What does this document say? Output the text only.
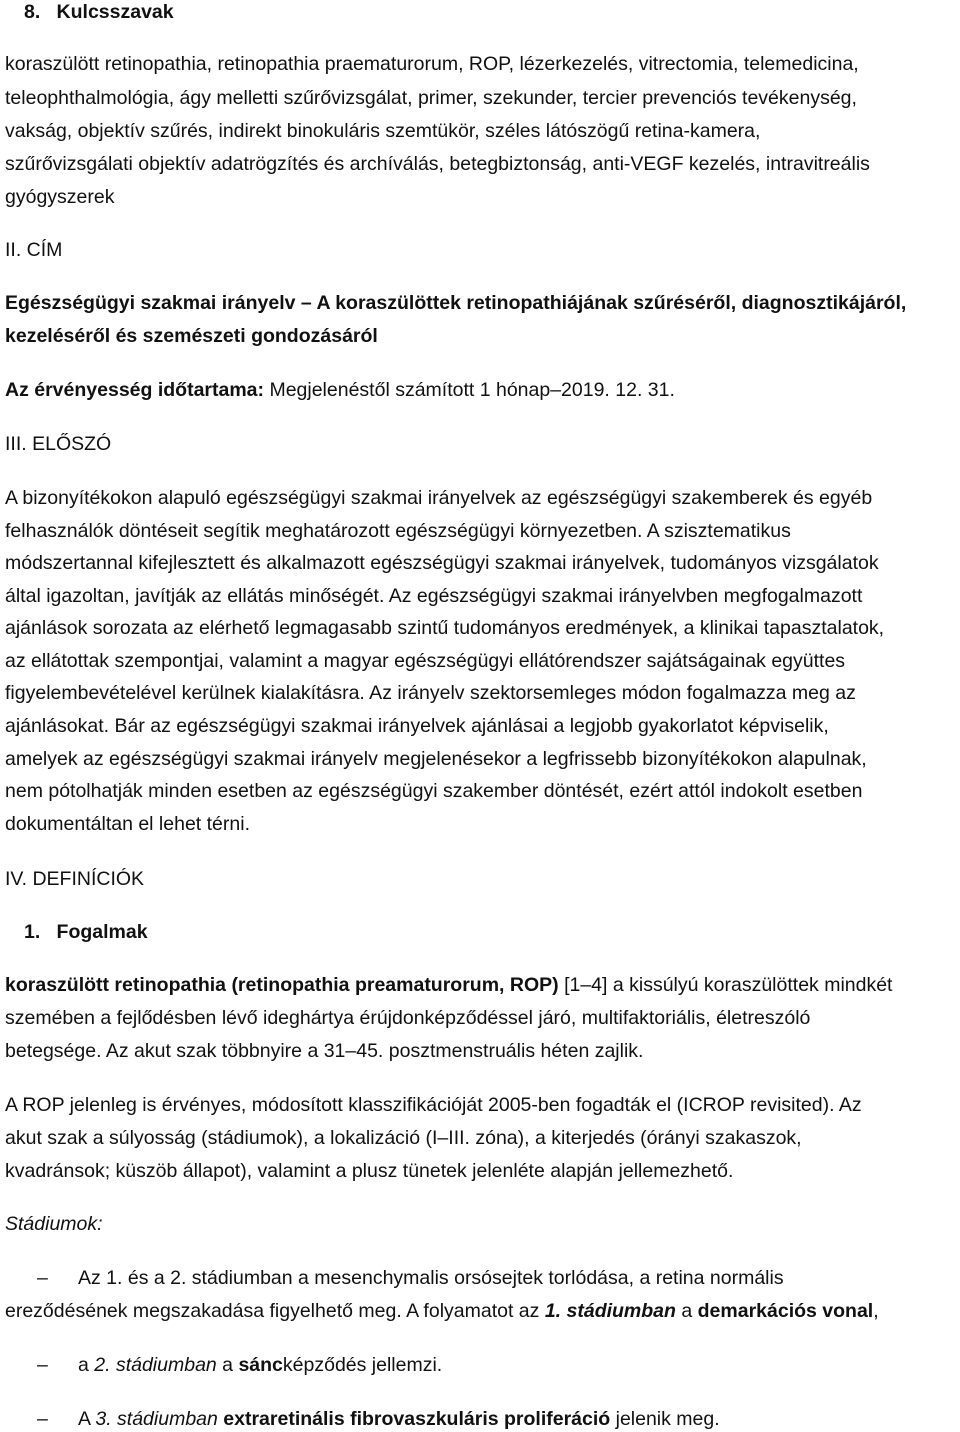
8. Kulcsszavak
koraszülött retinopathia, retinopathia praematurorum, ROP, lézerkezelés, vitrectomia, telemedicina,
teleophthalmológia, ágy melletti szűrővizsgálat, primer, szekunder, tercier prevenciós tevékenység,
vakság, objektív szűrés, indirekt binokuláris szemtükör, széles látószögű retina-kamera,
szűrővizsgálati objektív adatrögzítés és archíválás, betegbiztonság, anti-VEGF kezelés, intravitreális
gyógyszerek
II. CÍM
Egészségügyi szakmai irányelv – A koraszülöttek retinopathiájának szűréséről, diagnosztikájáról,
kezeléséről és szemészeti gondozásáról
Az érvényesség időtartama: Megjelenéstől számított 1 hónap–2019. 12. 31.
III. ELŐSZÓ
A bizonyítékokon alapuló egészségügyi szakmai irányelvek az egészségügyi szakemberek és egyéb
felhasználók döntéseit segítik meghatározott egészségügyi környezetben. A szisztematikus
módszertannal kifejlesztett és alkalmazott egészségügyi szakmai irányelvek, tudományos vizsgálatok
által igazoltan, javítják az ellátás minőségét. Az egészségügyi szakmai irányelvben megfogalmazott
ajánlások sorozata az elérhető legmagasabb szintű tudományos eredmények, a klinikai tapasztalatok,
az ellátottak szempontjai, valamint a magyar egészségügyi ellátórendszer sajátságainak együttes
figyelembevételével kerülnek kialakításra. Az irányelv szektorsemleges módon fogalmazza meg az
ajánlásokat. Bár az egészségügyi szakmai irányelvek ajánlásai a legjobb gyakorlatot képviselik,
amelyek az egészségügyi szakmai irányelv megjelenésekor a legfrissebb bizonyítékokon alapulnak,
nem pótolhatják minden esetben az egészségügyi szakember döntését, ezért attól indokolt esetben
dokumentáltan el lehet térni.
IV. DEFINÍCIÓK
1. Fogalmak
koraszülött retinopathia (retinopathia preamaturorum, ROP) [1–4] a kissúlyú koraszülöttek mindkét
szemében a fejlődésben lévő ideghártya érújdonképződéssel járó, multifaktoriális, életreszóló
betegsége. Az akut szak többnyire a 31–45. posztmenstruális héten zajlik.
A ROP jelenleg is érvényes, módosított klasszifikációját 2005-ben fogadták el (ICROP revisited). Az
akut szak a súlyosság (stádiumok), a lokalizáció (I–III. zóna), a kiterjedés (órányi szakaszok,
kvadránsok; küszöb állapot), valamint a plusz tünetek jelenléte alapján jellemezhető.
Stádiumok:
– Az 1. és a 2. stádiumban a mesenchymalis orsósejtek torlódása, a retina normális
ereződésének megszakadása figyelhető meg. A folyamatot az 1. stádiumban a demarkációs vonal,
– a 2. stádiumban a sáncképződés jellemzi.
– A 3. stádiumban extraretinális fibrovaszkuláris proliferáció jelenik meg.
